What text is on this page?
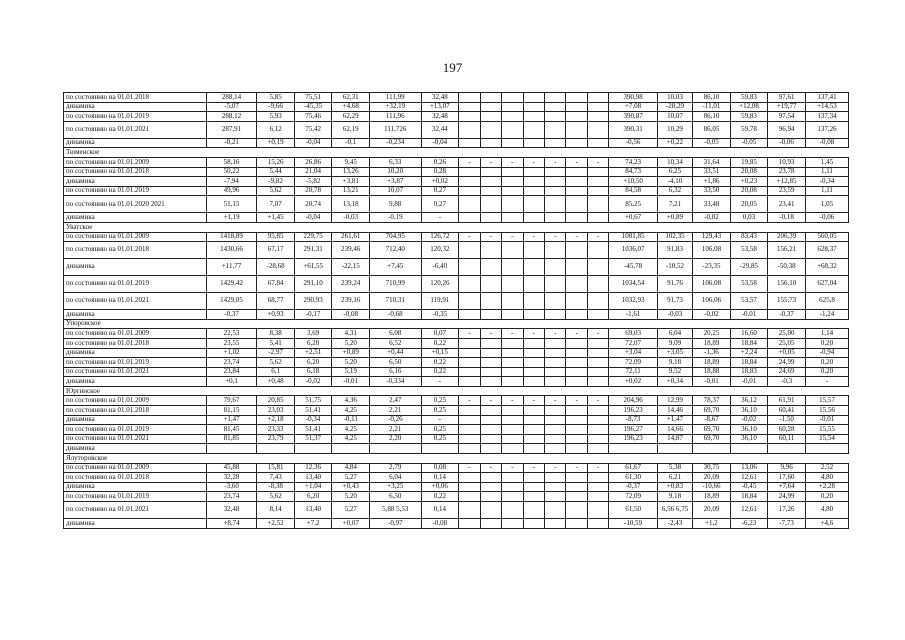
197
по состоянию на 01.01.2018	288,14	5,85	75,51	62,31	111,99	32,48								390,98	10,03	86,10	59,83	97,61	137,41
динамика	-5,07	-9,66	-45,35	+4,68	+32,19	+13,07								+7,08	-28,29	-11,01	+12,08	+19,77	+14,53
по состоянию на 01.01.2019	288,12	5,93	75,46	62,29	111,96	32,48								390,87	10,07	86,10	59,83	97,54	137,34
по состоянию на 01.01.2021	287,91	6,12	75,42	62,19	111,726	32,44								390,31	10,29	86,05	59,78	96,94	137,26
динамика	-0,21	+0,19	-0,04	-0,1	-0,234	-0,04								-0,56	+0,22	-0,05	-0,05	-0,06	-0,08
Тюменское																			
по состоянию на 01.01.2009	58,16	15,26	26,86	9,45	6,33	0,26	-	-	-	-	-	-	-	74,23	10,34	31,64	19,85	10,93	1,45
по состоянию на 01.01.2018	50,22	5,44	21,04	13,26	10,20	0,28								84,73	6,25	33,51	20,08	23,78	1,11
динамика	-7,94	-9,82	-5,82	+3,81	+3,87	+0,02								+10,50	-4,10	+1,86	+0,23	+12,85	-0,34
по состоянию на 01.01.2019	49,96	5,62	20,78	13,21	10,07	0,27								84,58	6,32	33,50	20,08	23,59	1,11
по состоянию на 01.01.2020 2021	51,15	7,07	20,74	13,18	9,88	0,27								85,25	7,21	33,48	20,05	23,41	1,05
динамика	+1,19	+1,45	-0,04	-0,03	-0,19	-								+0,67	+0,89	-0,02	0,03	-0,18	-0,06
Уватское																			
по состоянию на 01.01.2009	1418,89	95,85	229,75	261,61	704,95	126,72	-	-	-	-	-	-	-	1081,85	102,35	129,43	83,43	206,39	560,05
по состоянию на 01.01.2018	1430,66	67,17	291,31	239,46	712,40	120,32								1036,07	91,83	106,08	53,58	156,21	628,37
динамика	+11,77	-28,68	+61,55	-22,15	+7,45	-6,40								-45,78	-10,52	-23,35	-29,85	-50,38	+68,32
по состоянию на 01.01.2019	1429,42	67,84	291,10	239,24	710,99	120,26								1034,54	91,76	106,08	53,58	156,10	627,04
по состоянию на 01.01.2021	1429,05	68,77	290,93	239,16	710,31	119,91								1032,93	91,73	106,06	53,57	155,73	625,8
динамика	-0,37	+0,93	-0,17	-0,08	-0,68	-0,35								-1,61	-0,03	-0,02	-0,01	-0,37	-1,24
Упоровское																			
по состоянию на 01.01.2009	22,53	8,38	3,69	4,31	6,08	0,07	-	-	-	-	-	-	-	69,03	6,04	20,25	16,60	25,00	1,14
по состоянию на 01.01.2018	23,55	5,41	6,20	5,20	6,52	0,22								72,07	9,09	18,89	18,84	25,05	0,20
динамика	+1,02	-2,97	+2,51	+0,89	+0,44	+0,15								+3,04	+3,05	-1,36	+2,24	+0,05	-0,94
по состоянию на 01.01.2019	23,74	5,62	6,20	5,20	6,50	0,22								72,09	9,18	18,89	18,84	24,99	0,20
по состоянию на 01.01.2021	23,84	6,1	6,18	5,19	6,16	0,22								72,11	9,52	18,88	18,83	24,69	0,20
динамика	+0,1	+0,48	-0,02	-0,01	-0,334	-								+0,02	+0,34	-0,01	-0,01	-0,3	-
Юргинское																			
по состоянию на 01.01.2009	79,67	20,85	51,75	4,36	2,47	0,25	-	-	-	-	-	-	-	204,96	12,99	78,37	36,12	61,91	15,57
по состоянию на 01.01.2018	81,15	23,03	51,41	4,25	2,21	0,25								196,23	14,46	69,70	36,10	60,41	15,56
динамика	+1,47	+2,18	-0,34	-0,11	-0,26	-								-8,73	+1,47	-8,67	-0,02	-1,50	-0,01
по состоянию на 01.01.2019	81,45	23,33	51,41	4,25	2,21	0,25								196,27	14,66	69,70	36,10	60,28	15,55
по состоянию на 01.01.2021	81,85	23,79	51,37	4,25	2,20	0,25								196,23	14,87	69,70	36,10	60,11	15,54
динамика																			
Ялуторовское																			
по состоянию на 01.01.2009	45,88	15,81	12,36	4,84	2,79	0,08	-	-	-	-	-	-	-	61,67	5,38	30,75	13,06	9,96	2,52
по состоянию на 01.01.2018	32,28	7,43	13,40	5,27	6,04	0,14								61,30	6,21	20,09	12,61	17,60	4,80
динамика	-3,60	-8,38	+1,04	+0,43	+3,25	+0,06								-0,37	+0,83	-10,66	-0,45	+7,64	+2,28
по состоянию на 01.01.2019	23,74	5,62	6,20	5,20	6,50	0,22								72,09	9,18	18,89	18,84	24,99	0,20
по состоянию на 01.01.2021	32,48	8,14	13,40	5,27	5,88 5,53	0,14								61,50	6,56 6,75	20,09	12,61	17,26	4,80
динамика	+8,74	+2,52	+7,2	+0,07	-0,97	-0,08								-10,59	-2,43	+1,2	-6,23	-7,73	+4,6
